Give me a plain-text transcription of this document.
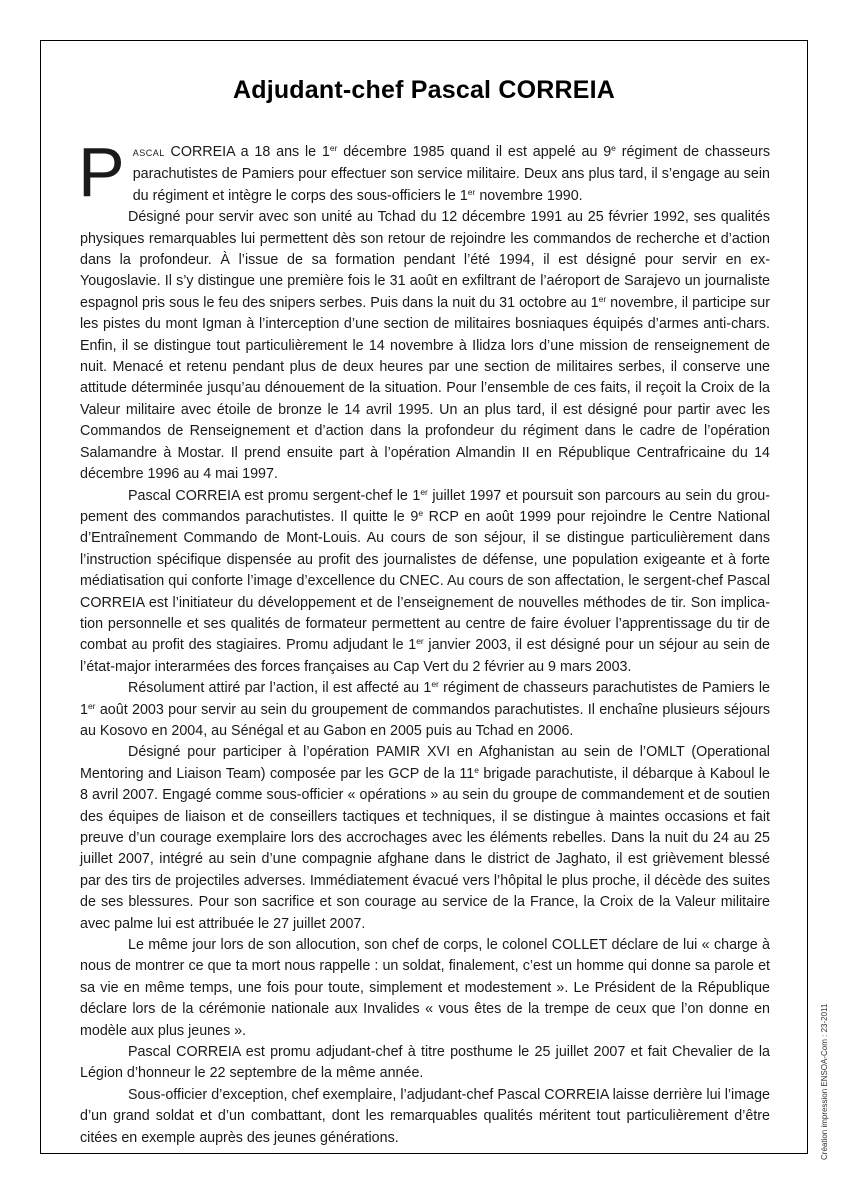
Adjudant-chef Pascal CORREIA

PASCAL CORREIA a 18 ans le 1er décembre 1985 quand il est appelé au 9e régiment de chasseurs parachutistes de Pamiers pour effectuer son service militaire. Deux ans plus tard, il s’engage au sein du régiment et intègre le corps des sous-officiers le 1er novembre 1990.

Désigné pour servir avec son unité au Tchad du 12 décembre 1991 au 25 février 1992, ses qualités physiques remarquables lui permettent dès son retour de rejoindre les commandos de recherche et d’action dans la profondeur. À l’issue de sa formation pendant l’été 1994, il est désigné pour servir en ex-Yougoslavie. Il s’y distingue une première fois le 31 août en exfiltrant de l’aéroport de Sarajevo un journaliste espagnol pris sous le feu des snipers serbes. Puis dans la nuit du 31 octobre au 1er novembre, il participe sur les pistes du mont Igman à l’interception d’une section de militaires bosniaques équipés d’armes anti-chars. Enfin, il se distingue tout particulièrement le 14 novembre à Ilidza lors d’une mission de renseignement de nuit. Menacé et retenu pendant plus de deux heures par une section de militaires serbes, il conserve une attitude déterminée jusqu’au dénouement de la situation. Pour l’ensemble de ces faits, il reçoit la Croix de la Valeur militaire avec étoile de bronze le 14 avril 1995. Un an plus tard, il est désigné pour partir avec les Commandos de Renseignement et d’action dans la profondeur du régiment dans le cadre de l’opération Salamandre à Mostar. Il prend ensuite part à l’opération Almandin II en République Centrafricaine du 14 décembre 1996 au 4 mai 1997.

Pascal CORREIA est promu sergent-chef le 1er juillet 1997 et poursuit son parcours au sein du groupement des commandos parachutistes. Il quitte le 9e RCP en août 1999 pour rejoindre le Centre National d’Entraînement Commando de Mont-Louis. Au cours de son séjour, il se distingue particulièrement dans l’instruction spécifique dispensée au profit des journalistes de défense, une population exigeante et à forte médiatisation qui conforte l’image d’excellence du CNEC. Au cours de son affectation, le sergent-chef Pascal CORREIA est l’initiateur du développement et de l’enseignement de nouvelles méthodes de tir. Son implication personnelle et ses qualités de formateur permettent au centre de faire évoluer l’apprentissage du tir de combat au profit des stagiaires. Promu adjudant le 1er janvier 2003, il est désigné pour un séjour au sein de l’état-major interarmées des forces françaises au Cap Vert du 2 février au 9 mars 2003.

Résolument attiré par l’action, il est affecté au 1er régiment de chasseurs parachutistes de Pamiers le 1er août 2003 pour servir au sein du groupement de commandos parachutistes. Il enchaîne plusieurs séjours au Kosovo en 2004, au Sénégal et au Gabon en 2005 puis au Tchad en 2006.

Désigné pour participer à l’opération PAMIR XVI en Afghanistan au sein de l’OMLT (Operational Mentoring and Liaison Team) composée par les GCP de la 11e brigade parachutiste, il débarque à Kaboul le 8 avril 2007. Engagé comme sous-officier « opérations » au sein du groupe de commandement et de soutien des équipes de liaison et de conseillers tactiques et techniques, il se distingue à maintes occasions et fait preuve d’un courage exemplaire lors des accrochages avec les éléments rebelles. Dans la nuit du 24 au 25 juillet 2007, intégré au sein d’une compagnie afghane dans le district de Jaghato, il est grièvement blessé par des tirs de projectiles adverses. Immédiatement évacué vers l’hôpital le plus proche, il décède des suites de ses blessures. Pour son sacrifice et son courage au service de la France, la Croix de la Valeur militaire avec palme lui est attribuée le 27 juillet 2007.

Le même jour lors de son allocution, son chef de corps, le colonel COLLET déclare de lui « charge à nous de montrer ce que ta mort nous rappelle : un soldat, finalement, c’est un homme qui donne sa parole et sa vie en même temps, une fois pour toute, simplement et modestement ». Le Président de la République déclare lors de la cérémonie nationale aux Invalides « vous êtes de la trempe de ceux que l’on donne en modèle aux plus jeunes ».

Pascal CORREIA est promu adjudant-chef à titre posthume le 25 juillet 2007 et fait Chevalier de la Légion d’honneur le 22 septembre de la même année.

Sous-officier d’exception, chef exemplaire, l’adjudant-chef Pascal CORREIA laisse derrière lui l’image d’un grand soldat et d’un combattant, dont les remarquables qualités méritent tout particulièrement d’être citées en exemple auprès des jeunes générations.	Création impression ENSOA-Com : 23-2011
